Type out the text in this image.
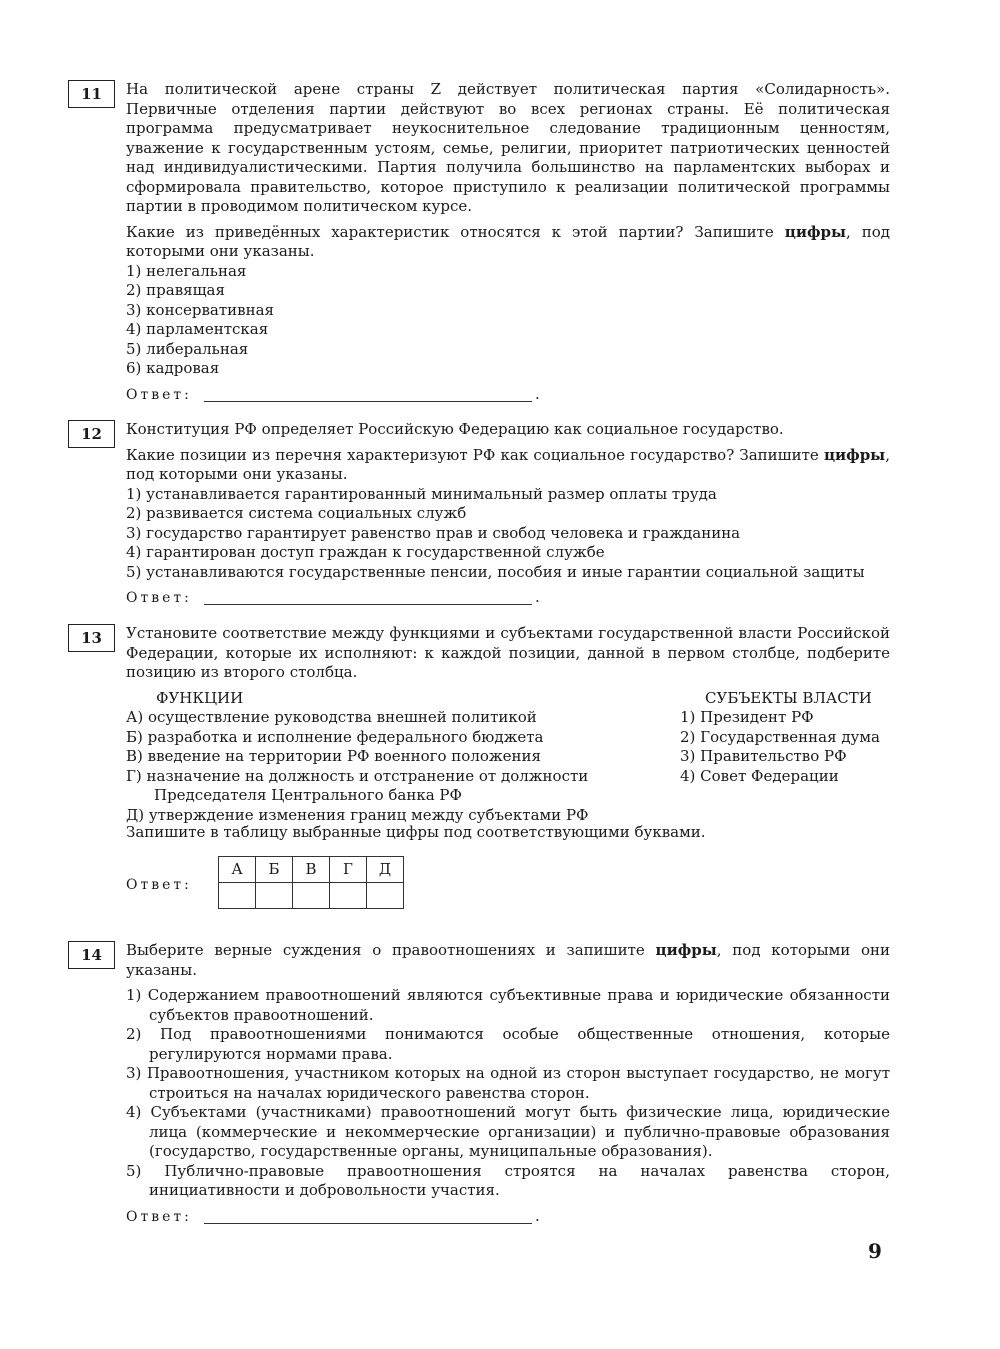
11	На политической арене страны Z действует политическая партия «Солидарность». Первичные отделения партии действуют во всех регионах страны. Её политическая программа предусматривает неукоснительное следование традиционным ценностям, уважение к государственным устоям, семье, религии, приоритет патриотических ценностей над индивидуалистическими. Партия получила большинство на парламентских выборах и сформировала правительство, которое приступило к реализации политической программы партии в проводимом политическом курсе.

Какие из приведённых характеристик относятся к этой партии? Запишите цифры, под которыми они указаны.

1) нелегальная
2) правящая
3) консервативная
4) парламентская
5) либеральная
6) кадровая
Ответ:	.
12	Конституция РФ определяет Российскую Федерацию как социальное государство.

Какие позиции из перечня характеризуют РФ как социальное государство? Запишите цифры, под которыми они указаны.

1) устанавливается гарантированный минимальный размер оплаты труда
2) развивается система социальных служб
3) государство гарантирует равенство прав и свобод человека и гражданина
4) гарантирован доступ граждан к государственной службе
5) устанавливаются государственные пенсии, пособия и иные гарантии социальной защиты
Ответ:	.
13	Установите соответствие между функциями и субъектами государственной власти Российской Федерации, которые их исполняют: к каждой позиции, данной в первом столбце, подберите позицию из второго столбца.

ФУНКЦИИ
А) осуществление руководства внешней политикой
Б) разработка и исполнение федерального бюджета
В) введение на территории РФ военного положения
Г) назначение на должность и отстранение от должности Председателя Центрального банка РФ
Д) утверждение изменения границ между субъектами РФ
СУБЪЕКТЫ ВЛАСТИ
1) Президент РФ
2) Государственная дума
3) Правительство РФ
4) Совет Федерации

Запишите в таблицу выбранные цифры под соответствующими буквами.

Ответ:
А	Б	В	Г	Д

14	Выберите верные суждения о правоотношениях и запишите цифры, под которыми они указаны.

1) Содержанием правоотношений являются субъективные права и юридические обязанности субъектов правоотношений.
2) Под правоотношениями понимаются особые общественные отношения, которые регулируются нормами права.
3) Правоотношения, участником которых на одной из сторон выступает государство, не могут строиться на началах юридического равенства сторон.
4) Субъектами (участниками) правоотношений могут быть физические лица, юридические лица (коммерческие и некоммерческие организации) и публично-правовые образования (государство, государственные органы, муниципальные образования).
5) Публично-правовые правоотношения строятся на началах равенства сторон, инициативности и добровольности участия.
Ответ:	.
9
